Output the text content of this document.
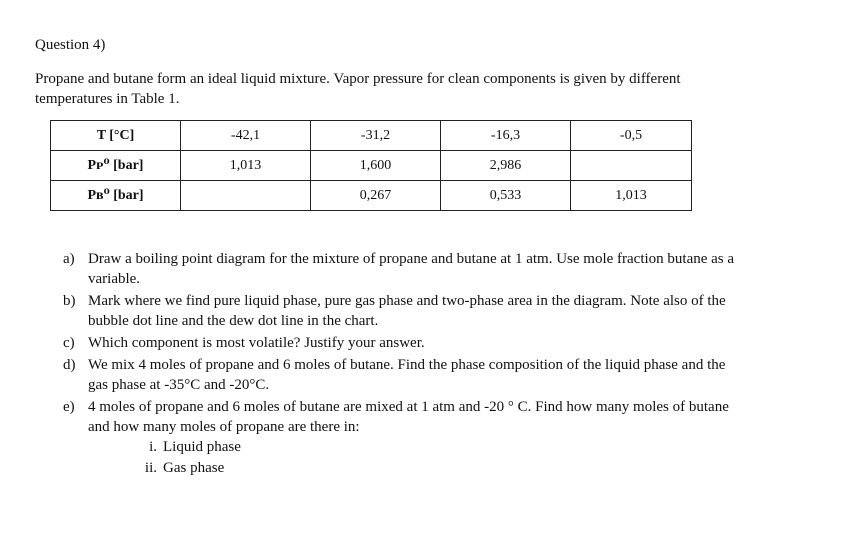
Question 4)

Propane and butane form an ideal liquid mixture. Vapor pressure for clean components is given by different temperatures in Table 1.

T [°C]	-42,1	-31,2	-16,3	-0,5
Pᴘ⁰ [bar]	1,013	1,600	2,986	
Pʙ⁰ [bar]		0,267	0,533	1,013
a) Draw a boiling point diagram for the mixture of propane and butane at 1 atm. Use mole fraction butane as a variable.
b) Mark where we find pure liquid phase, pure gas phase and two-phase area in the diagram. Note also of the bubble dot line and the dew dot line in the chart.
c) Which component is most volatile? Justify your answer.
d) We mix 4 moles of propane and 6 moles of butane. Find the phase composition of the liquid phase and the gas phase at -35°C and -20°C.
e) 4 moles of propane and 6 moles of butane are mixed at 1 atm and -20 ° C. Find how many moles of butane and how many moles of propane are there in:
i. Liquid phase
ii. Gas phase
